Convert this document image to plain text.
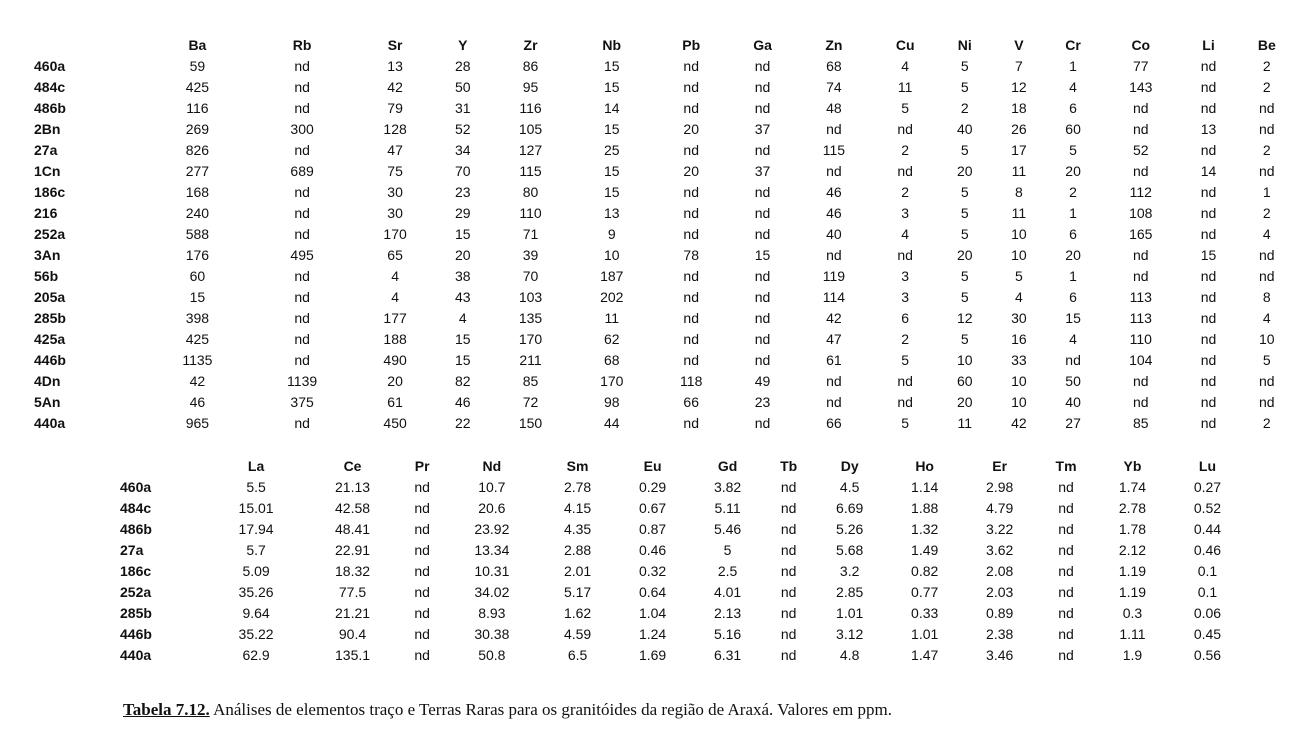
	Ba	Rb	Sr	Y	Zr	Nb	Pb	Ga	Zn	Cu	Ni	V	Cr	Co	Li	Be
460a	59	nd	13	28	86	15	nd	nd	68	4	5	7	1	77	nd	2
484c	425	nd	42	50	95	15	nd	nd	74	11	5	12	4	143	nd	2
486b	116	nd	79	31	116	14	nd	nd	48	5	2	18	6	nd	nd	nd
2Bn	269	300	128	52	105	15	20	37	nd	nd	40	26	60	nd	13	nd
27a	826	nd	47	34	127	25	nd	nd	115	2	5	17	5	52	nd	2
1Cn	277	689	75	70	115	15	20	37	nd	nd	20	11	20	nd	14	nd
186c	168	nd	30	23	80	15	nd	nd	46	2	5	8	2	112	nd	1
216	240	nd	30	29	110	13	nd	nd	46	3	5	11	1	108	nd	2
252a	588	nd	170	15	71	9	nd	nd	40	4	5	10	6	165	nd	4
3An	176	495	65	20	39	10	78	15	nd	nd	20	10	20	nd	15	nd
56b	60	nd	4	38	70	187	nd	nd	119	3	5	5	1	nd	nd	nd
205a	15	nd	4	43	103	202	nd	nd	114	3	5	4	6	113	nd	8
285b	398	nd	177	4	135	11	nd	nd	42	6	12	30	15	113	nd	4
425a	425	nd	188	15	170	62	nd	nd	47	2	5	16	4	110	nd	10
446b	1135	nd	490	15	211	68	nd	nd	61	5	10	33	nd	104	nd	5
4Dn	42	1139	20	82	85	170	118	49	nd	nd	60	10	50	nd	nd	nd
5An	46	375	61	46	72	98	66	23	nd	nd	20	10	40	nd	nd	nd
440a	965	nd	450	22	150	44	nd	nd	66	5	11	42	27	85	nd	2
	La	Ce	Pr	Nd	Sm	Eu	Gd	Tb	Dy	Ho	Er	Tm	Yb	Lu
460a	5.5	21.13	nd	10.7	2.78	0.29	3.82	nd	4.5	1.14	2.98	nd	1.74	0.27
484c	15.01	42.58	nd	20.6	4.15	0.67	5.11	nd	6.69	1.88	4.79	nd	2.78	0.52
486b	17.94	48.41	nd	23.92	4.35	0.87	5.46	nd	5.26	1.32	3.22	nd	1.78	0.44
27a	5.7	22.91	nd	13.34	2.88	0.46	5	nd	5.68	1.49	3.62	nd	2.12	0.46
186c	5.09	18.32	nd	10.31	2.01	0.32	2.5	nd	3.2	0.82	2.08	nd	1.19	0.1
252a	35.26	77.5	nd	34.02	5.17	0.64	4.01	nd	2.85	0.77	2.03	nd	1.19	0.1
285b	9.64	21.21	nd	8.93	1.62	1.04	2.13	nd	1.01	0.33	0.89	nd	0.3	0.06
446b	35.22	90.4	nd	30.38	4.59	1.24	5.16	nd	3.12	1.01	2.38	nd	1.11	0.45
440a	62.9	135.1	nd	50.8	6.5	1.69	6.31	nd	4.8	1.47	3.46	nd	1.9	0.56
Tabela 7.12. Análises de elementos traço e Terras Raras para os granitóides da região de Araxá. Valores em ppm.
